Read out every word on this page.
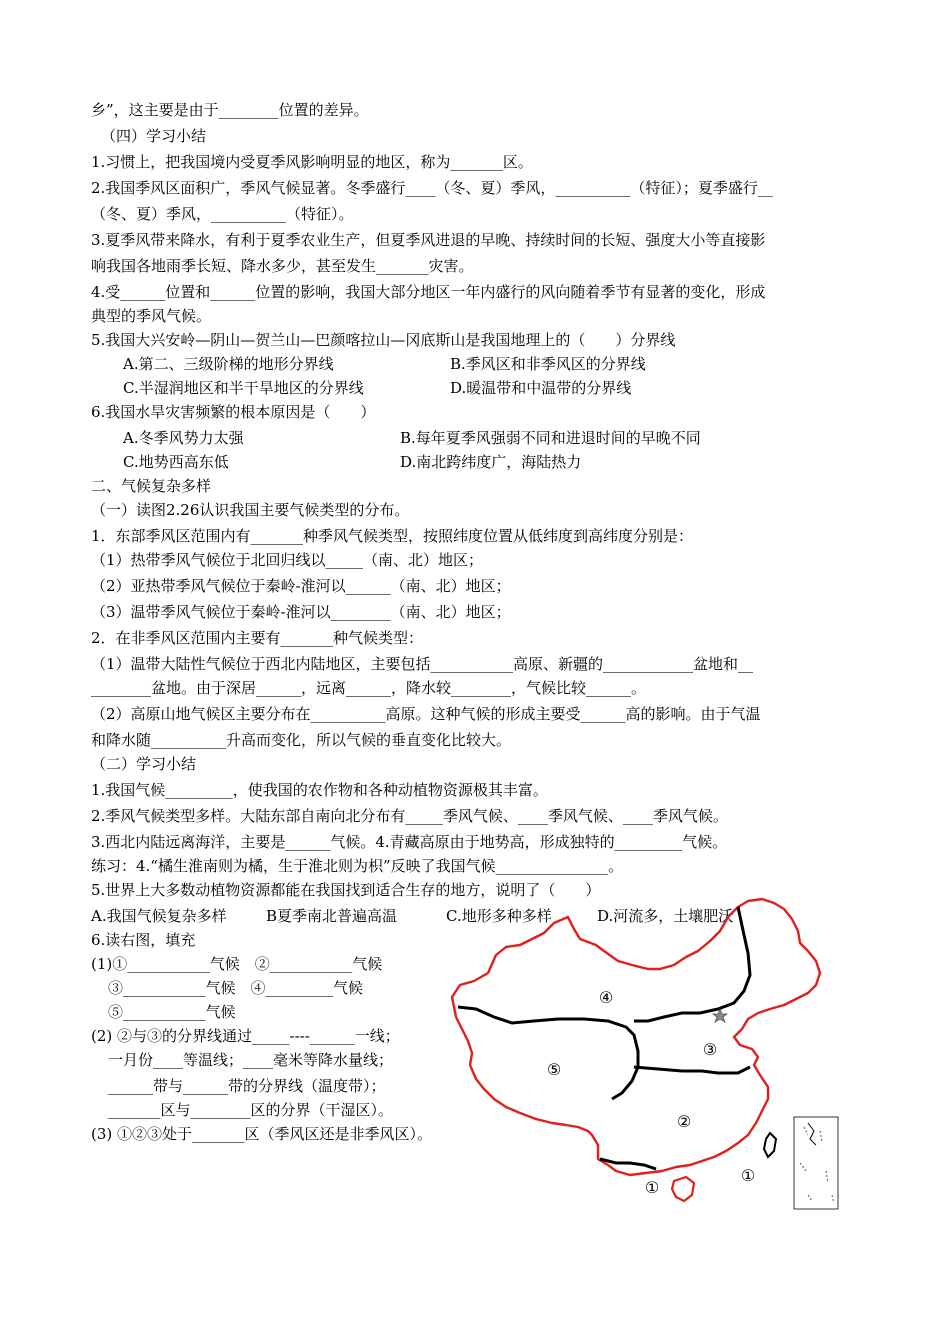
乡”，这主要是由于________位置的差异。
（四）学习小结
1.习惯上，把我国境内受夏季风影响明显的地区，称为_______区。
2.我国季风区面积广，季风气候显著。冬季盛行____（冬、夏）季风，__________（特征）；夏季盛行__
（冬、夏）季风，__________（特征）。
3.夏季风带来降水，有利于夏季农业生产，但夏季风进退的早晚、持续时间的长短、强度大小等直接影
响我国各地雨季长短、降水多少，甚至发生_______灾害。
4.受______位置和______位置的影响，我国大部分地区一年内盛行的风向随着季节有显著的变化，形成
典型的季风气候。
5.我国大兴安岭—阴山—贺兰山—巴颜喀拉山—冈底斯山是我国地理上的（　　）分界线
A.第二、三级阶梯的地形分界线	B.季风区和非季风区的分界线
C.半湿润地区和半干旱地区的分界线	D.暖温带和中温带的分界线
6.我国水旱灾害频繁的根本原因是（　　）
A.冬季风势力太强	B.每年夏季风强弱不同和进退时间的早晚不同
C.地势西高东低	D.南北跨纬度广，海陆热力
二、气候复杂多样
（一）读图2.26认识我国主要气候类型的分布。
1．东部季风区范围内有_______种季风气候类型，按照纬度位置从低纬度到高纬度分别是：
（1）热带季风气候位于北回归线以_____（南、北）地区；
（2）亚热带季风气候位于秦岭-淮河以______（南、北）地区；
（3）温带季风气候位于秦岭-淮河以________（南、北）地区；
2．在非季风区范围内主要有_______种气候类型：
（1）温带大陆性气候位于西北内陆地区，主要包括___________高原、新疆的____________盆地和__
________盆地。由于深居______，远离______，降水较________，气候比较______。
（2）高原山地气候区主要分布在__________高原。这种气候的形成主要受______高的影响。由于气温
和降水随__________升高而变化，所以气候的垂直变化比较大。
（二）学习小结
1.我国气候_________，使我国的农作物和各种动植物资源极其丰富。
2.季风气候类型多样。大陆东部自南向北分布有_____季风气候、____季风气候、____季风气候。
3.西北内陆远离海洋，主要是______气候。4.青藏高原由于地势高，形成独特的_________气候。
练习：4.“橘生淮南则为橘，生于淮北则为枳”反映了我国气候_______________。
5.世界上大多数动植物资源都能在我国找到适合生存的地方，说明了（　　）
A.我国气候复杂多样	B夏季南北普遍高温	C.地形多种多样	D.河流多，土壤肥沃
6.读右图，填充
(1)①___________气候　②___________气候
③___________气候　④_________气候
⑤___________气候
(2) ②与③的分界线通过_____----______一线；
一月份____等温线；____毫米等降水量线；
______带与______带的分界线（温度带）；
_______区与________区的分界（干湿区）。
(3) ①②③处于_______区（季风区还是非季风区）。
④
⑤
③
②
①
①
